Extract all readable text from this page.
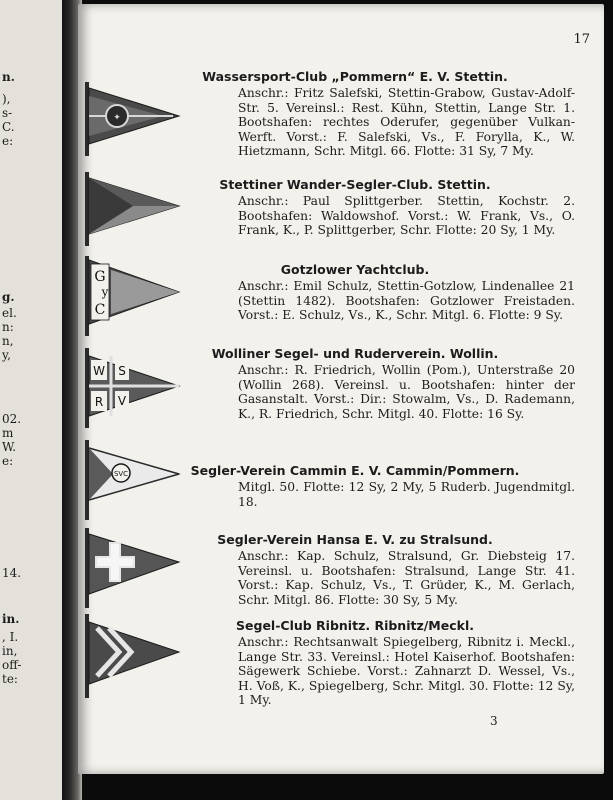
n.
),
s-
C.
e:
g.
el.
n:
n,
y,
02.
m
W.
e:
14.
in.
, I.
in,
off-
te:
17
✦
Wassersport-Club „Pommern“ E. V. Stettin.
Anschr.: Fritz Salefski, Stettin-Grabow, Gustav-Adolf-Str. 5. Vereinsl.: Rest. Kühn, Stettin, Lange Str. 1. Bootshafen: rechtes Oderufer, gegenüber Vulkan-Werft. Vorst.: F. Salefski, Vs., F. Forylla, K., W. Hietzmann, Schr. Mitgl. 66. Flotte: 31 Sy, 7 My.
Stettiner Wander-Segler-Club. Stettin.
Anschr.: Paul Splittgerber. Stettin, Kochstr. 2. Bootshafen: Waldowshof. Vorst.: W. Frank, Vs., O. Frank, K., P. Splittgerber, Schr. Flotte: 20 Sy, 1 My.
G
y
C
Gotzlower Yachtclub.
Anschr.: Emil Schulz, Stettin-Gotzlow, Lindenallee 21 (Stettin 1482). Bootshafen: Gotzlower Freistaden. Vorst.: E. Schulz, Vs., K., Schr. Mitgl. 6. Flotte: 9 Sy.
W S
R V
Wolliner Segel- und Ruderverein. Wollin.
Anschr.: R. Friedrich, Wollin (Pom.), Unterstraße 20 (Wollin 268). Vereinsl. u. Bootshafen: hinter der Gasanstalt. Vorst.: Dir.: Stowalm, Vs., D. Rademann, K., R. Friedrich, Schr. Mitgl. 40. Flotte: 16 Sy.
SVC	Segler-Verein Cammin E. V. Cammin/Pommern.
Mitgl. 50. Flotte: 12 Sy, 2 My, 5 Ruderb. Jugendmitgl. 18.
Segler-Verein Hansa E. V. zu Stralsund.
Anschr.: Kap. Schulz, Stralsund, Gr. Diebsteig 17. Vereinsl. u. Bootshafen: Stralsund, Lange Str. 41. Vorst.: Kap. Schulz, Vs., T. Grüder, K., M. Gerlach, Schr. Mitgl. 86. Flotte: 30 Sy, 5 My.
Segel-Club Ribnitz. Ribnitz/Meckl.
Anschr.: Rechtsanwalt Spiegelberg, Ribnitz i. Meckl., Lange Str. 33. Vereinsl.: Hotel Kaiserhof. Bootshafen: Sägewerk Schiebe. Vorst.: Zahnarzt D. Wessel, Vs., H. Voß, K., Spiegelberg, Schr. Mitgl. 30. Flotte: 12 Sy, 1 My.
3
